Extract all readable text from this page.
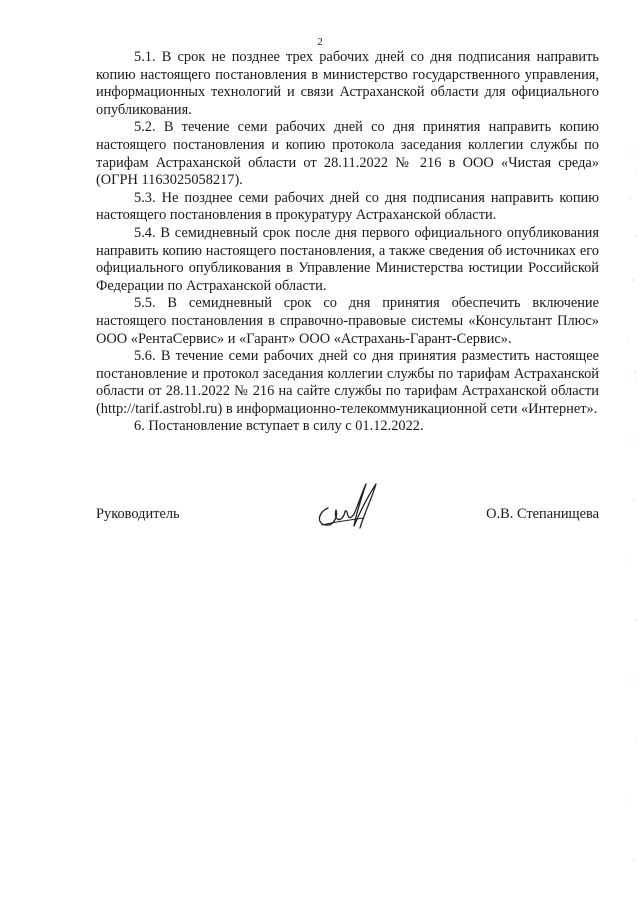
2

5.1. В срок не позднее трех рабочих дней со дня подписания направить копию настоящего постановления в министерство государственного управления, информационных технологий и связи Астраханской области для официального опубликования.

5.2. В течение семи рабочих дней со дня принятия направить копию настоящего постановления и копию протокола заседания коллегии службы по тарифам Астраханской области от 28.11.2022 № 216 в ООО «Чистая среда» (ОГРН 1163025058217).

5.3. Не позднее семи рабочих дней со дня подписания направить копию настоящего постановления в прокуратуру Астраханской области.

5.4. В семидневный срок после дня первого официального опубликования направить копию настоящего постановления, а также сведения об источниках его официального опубликования в Управление Министерства юстиции Российской Федерации по Астраханской области.

5.5. В семидневный срок со дня принятия обеспечить включение настоящего постановления в справочно-правовые системы «Консультант Плюс» ООО «РентаСервис» и «Гарант» ООО «Астрахань-Гарант-Сервис».

5.6. В течение семи рабочих дней со дня принятия разместить настоящее постановление и протокол заседания коллегии службы по тарифам Астраханской области от 28.11.2022 № 216 на сайте службы по тарифам Астраханской области (http://tarif.astrobl.ru) в информационно-телекоммуникационной сети «Интернет».

6. Постановление вступает в силу с 01.12.2022.

Руководитель	О.В. Степанищева
